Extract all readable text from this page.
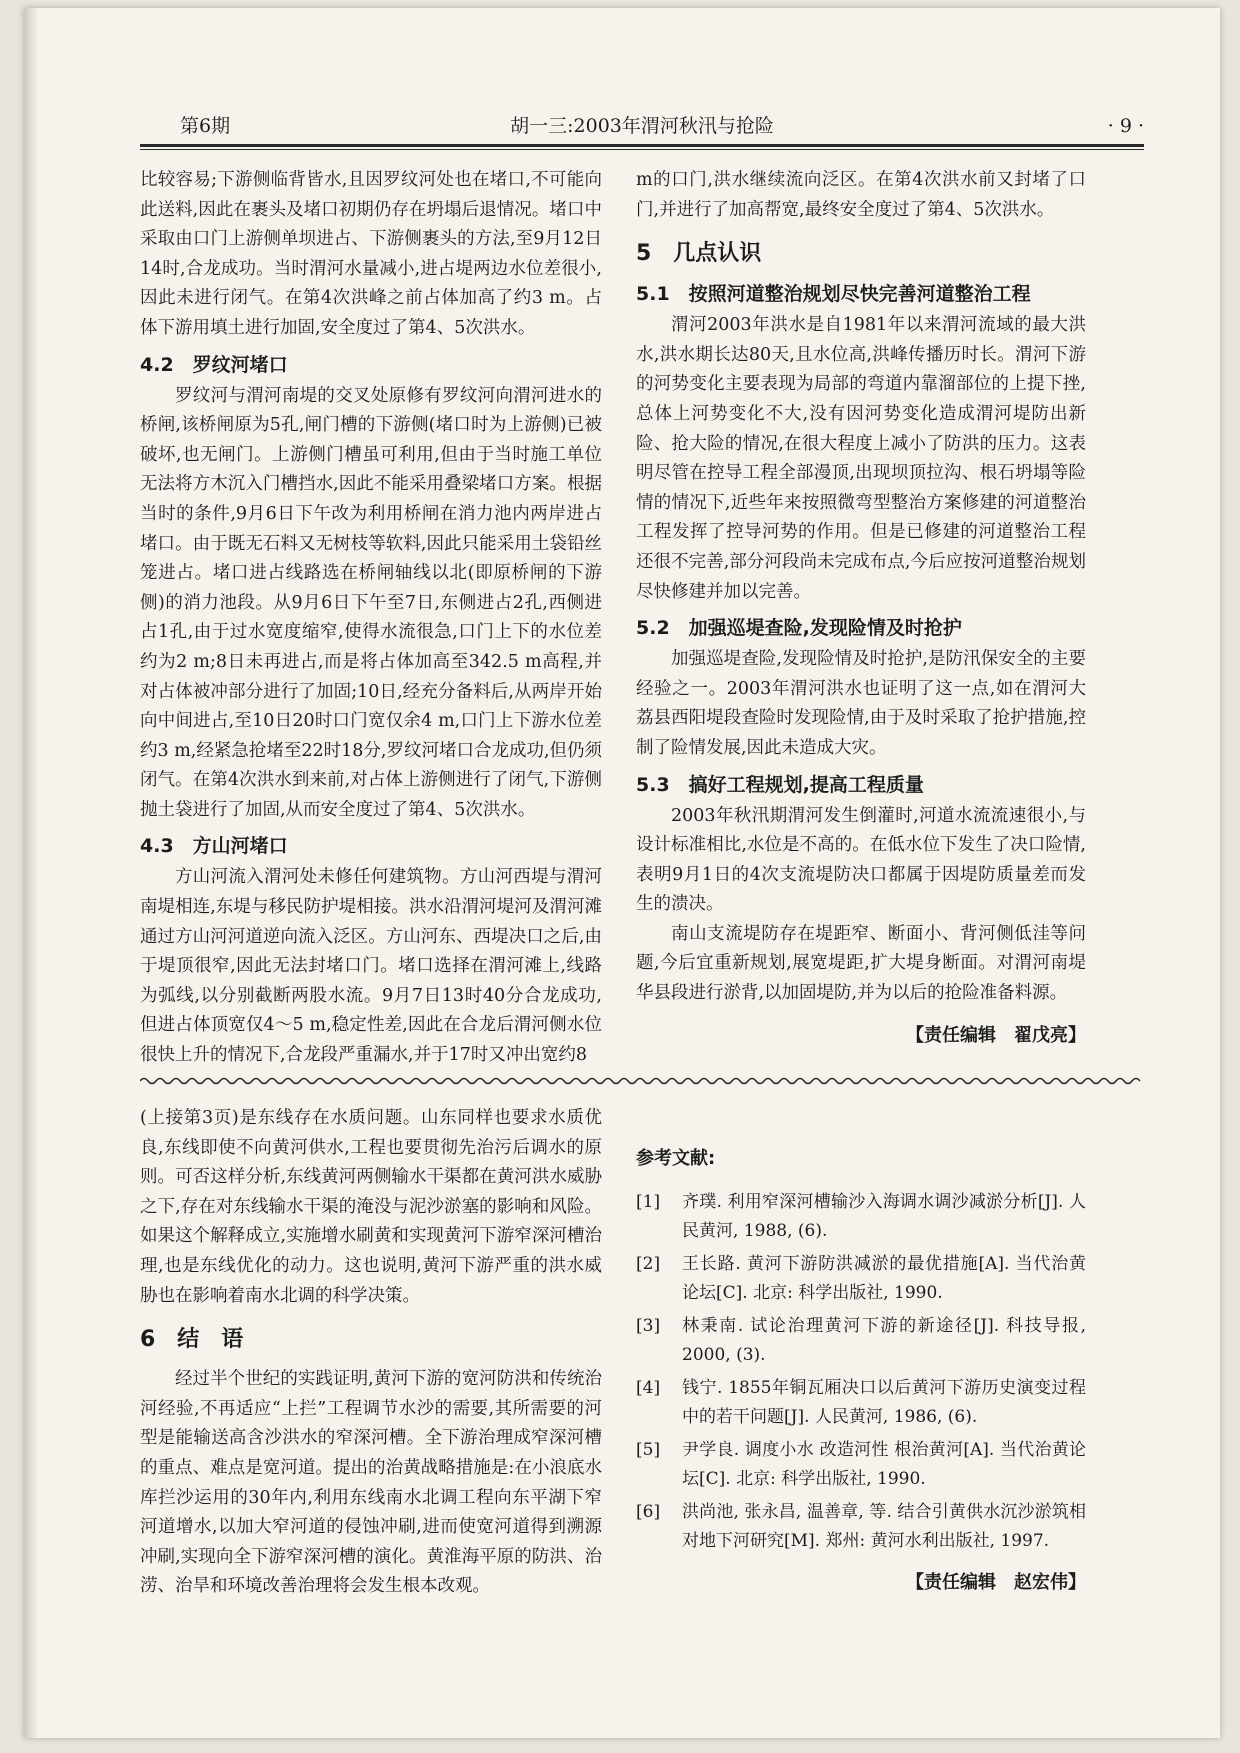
第6期	胡一三:2003年渭河秋汛与抢险	· 9 ·

比较容易;下游侧临背皆水,且因罗纹河处也在堵口,不可能向此送料,因此在裹头及堵口初期仍存在坍塌后退情况。堵口中采取由口门上游侧单坝进占、下游侧裹头的方法,至9月12日14时,合龙成功。当时渭河水量减小,进占堤两边水位差很小,因此未进行闭气。在第4次洪峰之前占体加高了约3 m。占体下游用填土进行加固,安全度过了第4、5次洪水。

4.2　罗纹河堵口

罗纹河与渭河南堤的交叉处原修有罗纹河向渭河进水的桥闸,该桥闸原为5孔,闸门槽的下游侧(堵口时为上游侧)已被破坏,也无闸门。上游侧门槽虽可利用,但由于当时施工单位无法将方木沉入门槽挡水,因此不能采用叠梁堵口方案。根据当时的条件,9月6日下午改为利用桥闸在消力池内两岸进占堵口。由于既无石料又无树枝等软料,因此只能采用土袋铅丝笼进占。堵口进占线路选在桥闸轴线以北(即原桥闸的下游侧)的消力池段。从9月6日下午至7日,东侧进占2孔,西侧进占1孔,由于过水宽度缩窄,使得水流很急,口门上下的水位差约为2 m;8日未再进占,而是将占体加高至342.5 m高程,并对占体被冲部分进行了加固;10日,经充分备料后,从两岸开始向中间进占,至10日20时口门宽仅余4 m,口门上下游水位差约3 m,经紧急抢堵至22时18分,罗纹河堵口合龙成功,但仍须闭气。在第4次洪水到来前,对占体上游侧进行了闭气,下游侧抛土袋进行了加固,从而安全度过了第4、5次洪水。

4.3　方山河堵口

方山河流入渭河处未修任何建筑物。方山河西堤与渭河南堤相连,东堤与移民防护堤相接。洪水沿渭河堤河及渭河滩通过方山河河道逆向流入泛区。方山河东、西堤决口之后,由于堤顶很窄,因此无法封堵口门。堵口选择在渭河滩上,线路为弧线,以分别截断两股水流。9月7日13时40分合龙成功,但进占体顶宽仅4～5 m,稳定性差,因此在合龙后渭河侧水位很快上升的情况下,合龙段严重漏水,并于17时又冲出宽约8

m的口门,洪水继续流向泛区。在第4次洪水前又封堵了口门,并进行了加高帮宽,最终安全度过了第4、5次洪水。

5　几点认识
5.1　按照河道整治规划尽快完善河道整治工程

渭河2003年洪水是自1981年以来渭河流域的最大洪水,洪水期长达80天,且水位高,洪峰传播历时长。渭河下游的河势变化主要表现为局部的弯道内靠溜部位的上提下挫,总体上河势变化不大,没有因河势变化造成渭河堤防出新险、抢大险的情况,在很大程度上减小了防洪的压力。这表明尽管在控导工程全部漫顶,出现坝顶拉沟、根石坍塌等险情的情况下,近些年来按照微弯型整治方案修建的河道整治工程发挥了控导河势的作用。但是已修建的河道整治工程还很不完善,部分河段尚未完成布点,今后应按河道整治规划尽快修建并加以完善。

5.2　加强巡堤查险,发现险情及时抢护

加强巡堤查险,发现险情及时抢护,是防汛保安全的主要经验之一。2003年渭河洪水也证明了这一点,如在渭河大荔县西阳堤段查险时发现险情,由于及时采取了抢护措施,控制了险情发展,因此未造成大灾。

5.3　搞好工程规划,提高工程质量

2003年秋汛期渭河发生倒灌时,河道水流流速很小,与设计标准相比,水位是不高的。在低水位下发生了决口险情,表明9月1日的4次支流堤防决口都属于因堤防质量差而发生的溃决。

南山支流堤防存在堤距窄、断面小、背河侧低洼等问题,今后宜重新规划,展宽堤距,扩大堤身断面。对渭河南堤华县段进行淤背,以加固堤防,并为以后的抢险准备料源。

【责任编辑　翟戊亮】

(上接第3页)是东线存在水质问题。山东同样也要求水质优良,东线即使不向黄河供水,工程也要贯彻先治污后调水的原则。可否这样分析,东线黄河两侧输水干渠都在黄河洪水威胁之下,存在对东线输水干渠的淹没与泥沙淤塞的影响和风险。如果这个解释成立,实施增水刷黄和实现黄河下游窄深河槽治理,也是东线优化的动力。这也说明,黄河下游严重的洪水威胁也在影响着南水北调的科学决策。

6　结　语

经过半个世纪的实践证明,黄河下游的宽河防洪和传统治河经验,不再适应“上拦”工程调节水沙的需要,其所需要的河型是能输送高含沙洪水的窄深河槽。全下游治理成窄深河槽的重点、难点是宽河道。提出的治黄战略措施是:在小浪底水库拦沙运用的30年内,利用东线南水北调工程向东平湖下窄河道增水,以加大窄河道的侵蚀冲刷,进而使宽河道得到溯源冲刷,实现向全下游窄深河槽的演化。黄淮海平原的防洪、治涝、治旱和环境改善治理将会发生根本改观。

参考文献:
[1]	齐璞. 利用窄深河槽输沙入海调水调沙减淤分析[J]. 人民黄河, 1988, (6).
[2]	王长路. 黄河下游防洪减淤的最优措施[A]. 当代治黄论坛[C]. 北京: 科学出版社, 1990.
[3]	林秉南. 试论治理黄河下游的新途径[J]. 科技导报, 2000, (3).
[4]	钱宁. 1855年铜瓦厢决口以后黄河下游历史演变过程中的若干问题[J]. 人民黄河, 1986, (6).
[5]	尹学良. 调度小水 改造河性 根治黄河[A]. 当代治黄论坛[C]. 北京: 科学出版社, 1990.
[6]	洪尚池, 张永昌, 温善章, 等. 结合引黄供水沉沙淤筑相对地下河研究[M]. 郑州: 黄河水利出版社, 1997.
【责任编辑　赵宏伟】
